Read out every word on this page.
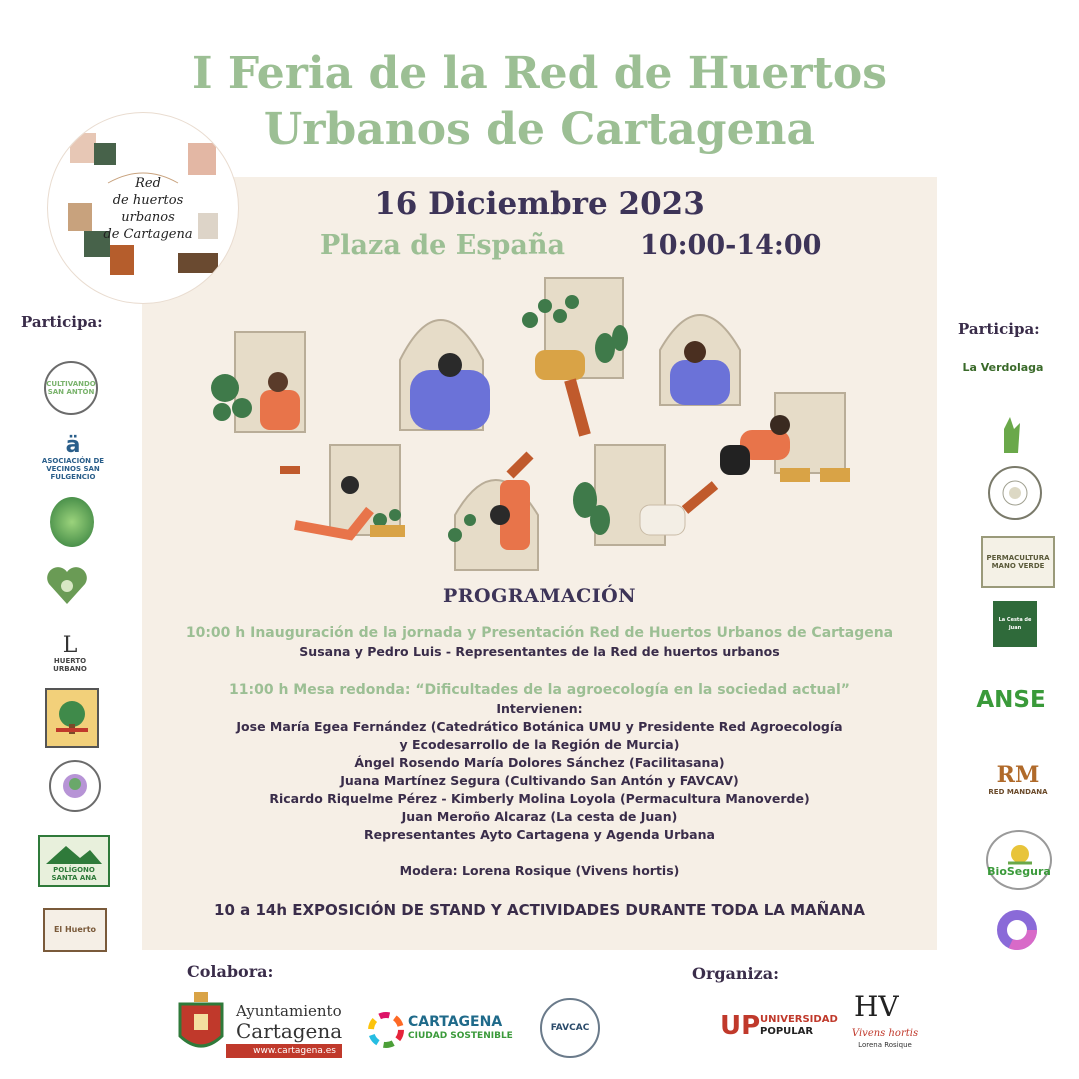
I Feria de la Red de Huertos
Urbanos de Cartagena
Red
de huertos urbanos
de Cartagena
16 Diciembre 2023
Plaza de España	10:00-14:00
PROGRAMACIÓN
10:00 h Inauguración de la jornada y Presentación Red de Huertos Urbanos de Cartagena
Susana y Pedro Luis - Representantes de la Red de huertos urbanos
11:00 h Mesa redonda: “Dificultades de la agroecología en la sociedad actual”
Intervienen:
Jose María Egea Fernández (Catedrático Botánica UMU y Presidente Red Agroecología
y Ecodesarrollo de la Región de Murcia)
Ángel Rosendo María Dolores Sánchez (Facilitasana)
Juana Martínez Segura (Cultivando San Antón y FAVCAV)
Ricardo Riquelme Pérez - Kimberly Molina Loyola (Permacultura Manoverde)
Juan Meroño Alcaraz (La cesta de Juan)
Representantes Ayto Cartagena y Agenda Urbana
Modera: Lorena Rosique (Vivens hortis)
10 a 14h EXPOSICIÓN DE STAND Y ACTIVIDADES DURANTE TODA LA MAÑANA
Participa:
CULTIVANDO SAN ANTÓN
ä
ASOCIACIÓN DE VECINOS SAN FULGENCIO
L
HUERTO URBANO
POLÍGONO SANTA ANA
El Huerto
Participa:
La Verdolaga
PERMACULTURA MANO VERDE
La Cesta de Juan
ANSE
RM
RED MANDANA
BioSegura
Colabora:	Organiza:
Ayuntamiento
Cartagena
www.cartagena.es
CARTAGENA
CIUDAD SOSTENIBLE
FAVCAC	UP UNIVERSIDAD
POPULAR
HV
Vivens hortis
Lorena Rosique
